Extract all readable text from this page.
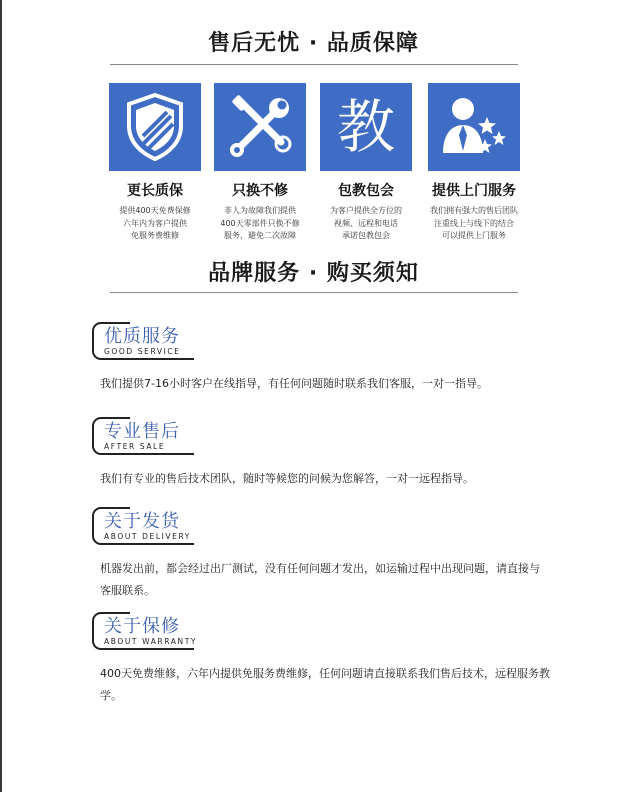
售后无忧 · 品质保障
更长质保
提供400天免费保修
六年内为客户提供
免服务费维修
只换不修
非人为故障我们提供
400天零部件只换不修
服务，避免二次故障
教
包教包会
为客户提供全方位的
视频、远程和电话
承诺包教包会
提供上门服务
我们拥有强大的售后团队
注重线上与线下的结合
可以提供上门服务
品牌服务 · 购买须知
优质服务
GOOD SERVICE

我们提供7-16小时客户在线指导，有任何问题随时联系我们客服，一对一指导。

专业售后
AFTER SALE

我们有专业的售后技术团队，随时等候您的问候为您解答，一对一远程指导。

关于发货
ABOUT DELIVERY

机器发出前，都会经过出厂测试，没有任何问题才发出，如运输过程中出现问题，请直接与客服联系。

关于保修
ABOUT WARRANTY

400天免费维修，六年内提供免服务费维修，任何问题请直接联系我们售后技术，远程服务教学。
